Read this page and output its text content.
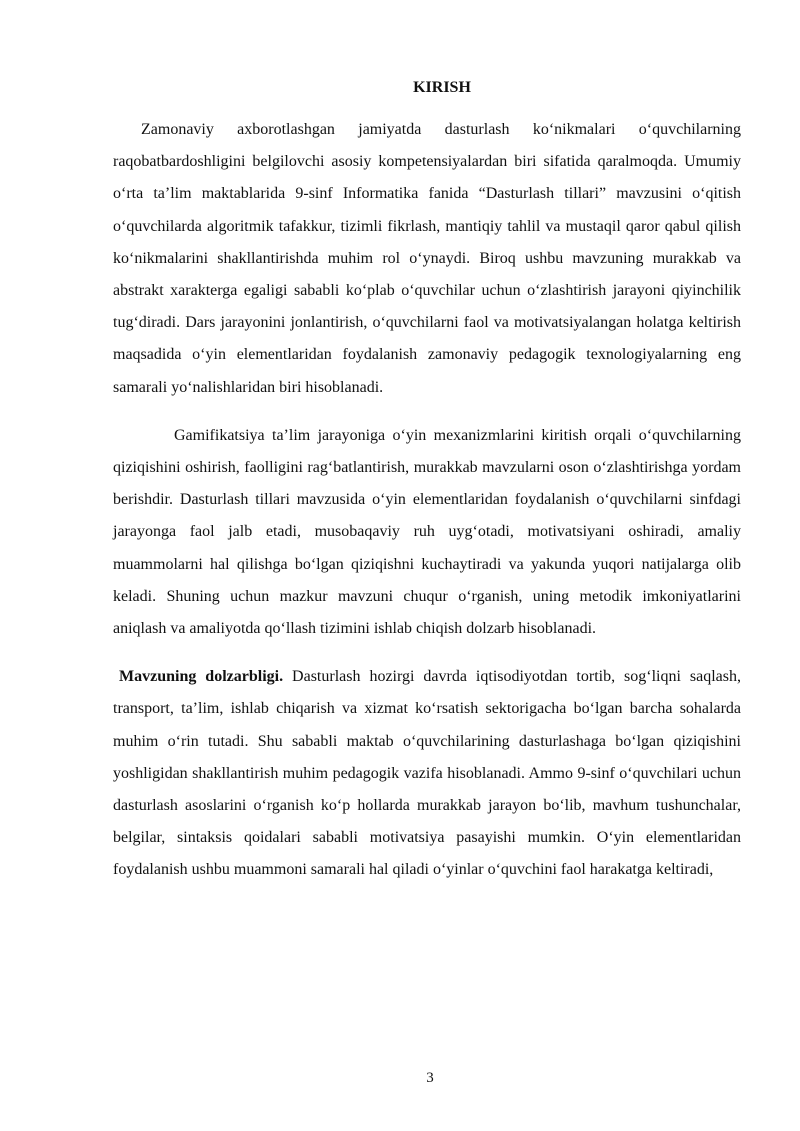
KIRISH

Zamonaviy axborotlashgan jamiyatda dasturlash ko‘nikmalari o‘quvchilarning raqobatbardoshligini belgilovchi asosiy kompetensiyalardan biri sifatida qaralmoqda. Umumiy o‘rta ta’lim maktablarida 9-sinf Informatika fanida “Dasturlash tillari” mavzusini o‘qitish o‘quvchilarda algoritmik tafakkur, tizimli fikrlash, mantiqiy tahlil va mustaqil qaror qabul qilish ko‘nikmalarini shakllantirishda muhim rol o‘ynaydi. Biroq ushbu mavzuning murakkab va abstrakt xarakterga egaligi sababli ko‘plab o‘quvchilar uchun o‘zlashtirish jarayoni qiyinchilik tug‘diradi. Dars jarayonini jonlantirish, o‘quvchilarni faol va motivatsiyalangan holatga keltirish maqsadida o‘yin elementlaridan foydalanish zamonaviy pedagogik texnologiyalarning eng samarali yo‘nalishlaridan biri hisoblanadi.

Gamifikatsiya ta’lim jarayoniga o‘yin mexanizmlarini kiritish orqali o‘quvchilarning qiziqishini oshirish, faolligini rag‘batlantirish, murakkab mavzularni oson o‘zlashtirishga yordam berishdir. Dasturlash tillari mavzusida o‘yin elementlaridan foydalanish o‘quvchilarni sinfdagi jarayonga faol jalb etadi, musobaqaviy ruh uyg‘otadi, motivatsiyani oshiradi, amaliy muammolarni hal qilishga bo‘lgan qiziqishni kuchaytiradi va yakunda yuqori natijalarga olib keladi. Shuning uchun mazkur mavzuni chuqur o‘rganish, uning metodik imkoniyatlarini aniqlash va amaliyotda qo‘llash tizimini ishlab chiqish dolzarb hisoblanadi.

Mavzuning dolzarbligi. Dasturlash hozirgi davrda iqtisodiyotdan tortib, sog‘liqni saqlash, transport, ta’lim, ishlab chiqarish va xizmat ko‘rsatish sektorigacha bo‘lgan barcha sohalarda muhim o‘rin tutadi. Shu sababli maktab o‘quvchilarining dasturlashaga bo‘lgan qiziqishini yoshligidan shakllantirish muhim pedagogik vazifa hisoblanadi. Ammo 9-sinf o‘quvchilari uchun dasturlash asoslarini o‘rganish ko‘p hollarda murakkab jarayon bo‘lib, mavhum tushunchalar, belgilar, sintaksis qoidalari sababli motivatsiya pasayishi mumkin. O‘yin elementlaridan foydalanish ushbu muammoni samarali hal qiladi o‘yinlar o‘quvchini faol harakatga keltiradi,

3
